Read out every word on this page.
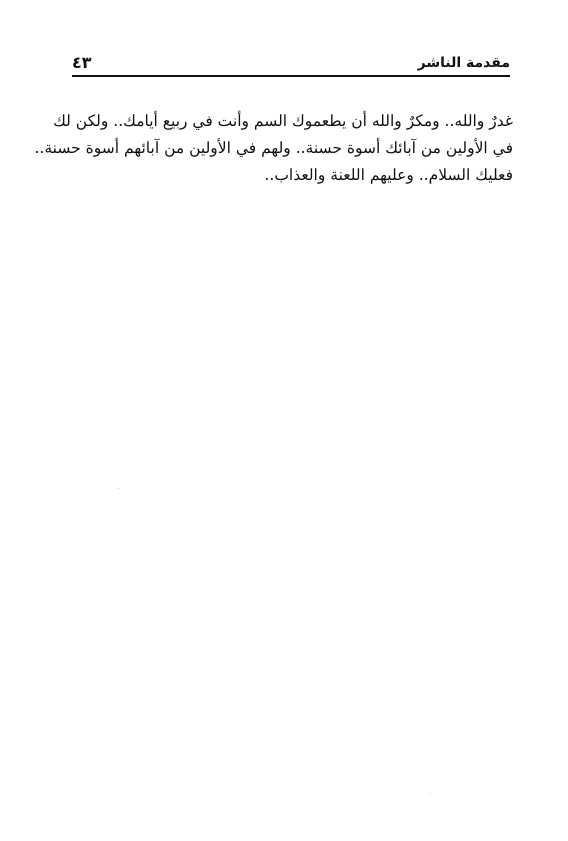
٤٣	مقدمة الناشر
غدرٌ والله.. ومكرٌ والله أن يطعموك السم وأنت في ربيع أيامك.. ولكن لك
في الأولين من آبائك أسوة حسنة.. ولهم في الأولين من آبائهم أسوة حسنة..
فعليك السلام.. وعليهم اللعنة والعذاب..
